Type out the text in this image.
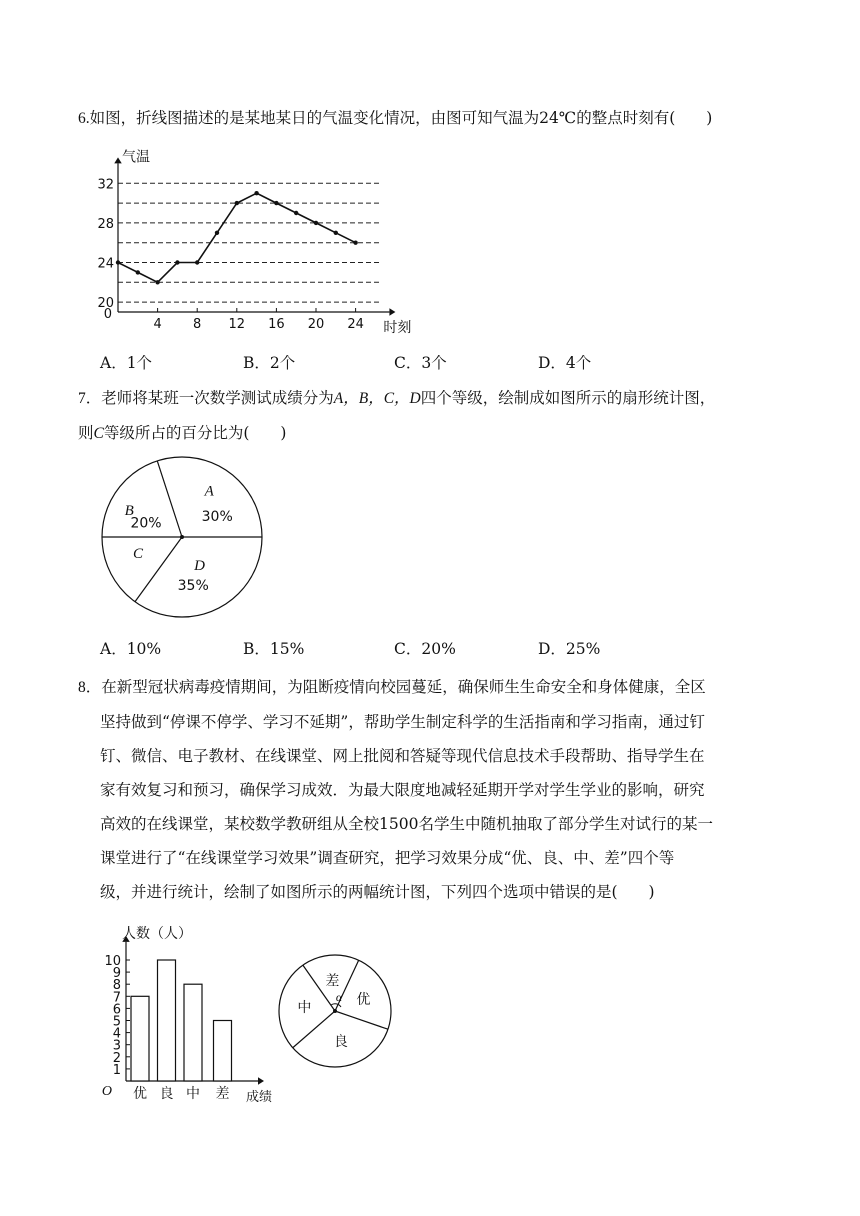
6.如图，折线图描述的是某地某日的气温变化情况，由图可知气温为24℃的整点时刻有(　　)

4 8 12 16 20 24
20
24
28
32
0
气温
时刻
A．1个	B．2个	C．3个	D．4个

7．老师将某班一次数学测试成绩分为A，B，C，D四个等级，绘制成如图所示的扇形统计图，
则C等级所占的百分比为(　　)

A
30%
B
20%
C
D
35%
A．10%	B．15%	C．20%	D．25%

8．在新型冠状病毒疫情期间，为阻断疫情向校园蔓延，确保师生生命安全和身体健康，全区
坚持做到“停课不停学、学习不延期”，帮助学生制定科学的生活指南和学习指南，通过钉
钉、微信、电子教材、在线课堂、网上批阅和答疑等现代信息技术手段帮助、指导学生在
家有效复习和预习，确保学习成效．为最大限度地减轻延期开学对学生学业的影响，研究
高效的在线课堂，某校数学教研组从全校1500名学生中随机抽取了部分学生对试行的某一
课堂进行了“在线课堂学习效果”调查研究，把学习效果分成“优、良、中、差”四个等
级，并进行统计，绘制了如图所示的两幅统计图，下列四个选项中错误的是(　　)

1
2
3
4
5
6
7
8
9
10
O
人数（人）
成绩
优 良 中 差
优
良
中
差
α
